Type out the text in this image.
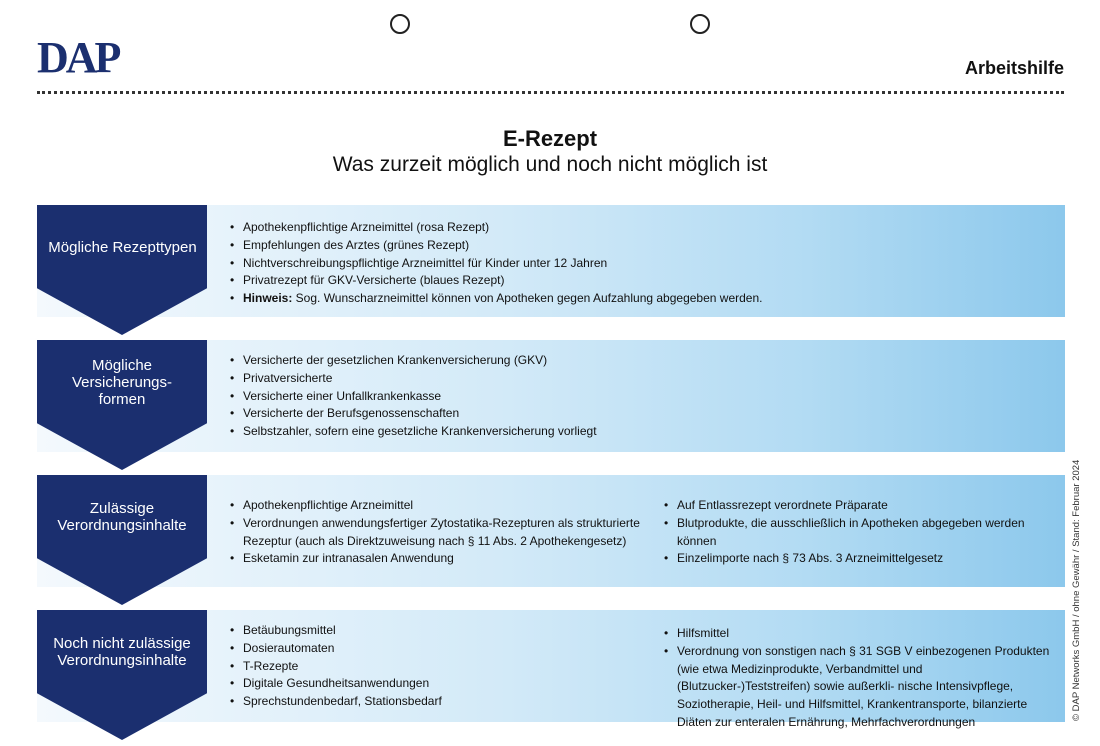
DAP	Arbeitshilfe
E-Rezept
Was zurzeit möglich und noch nicht möglich ist
Mögliche Rezepttypen
• Apothekenpflichtige Arzneimittel (rosa Rezept)
• Empfehlungen des Arztes (grünes Rezept)
• Nichtverschreibungspflichtige Arzneimittel für Kinder unter 12 Jahren
• Privatrezept für GKV-Versicherte (blaues Rezept)
• Hinweis: Sog. Wunscharzneimittel können von Apotheken gegen Aufzahlung abgegeben werden.
Mögliche Versicherungs- formen
• Versicherte der gesetzlichen Krankenversicherung (GKV)
• Privatversicherte
• Versicherte einer Unfallkrankenkasse
• Versicherte der Berufsgenossenschaften
• Selbstzahler, sofern eine gesetzliche Krankenversicherung vorliegt
Zulässige Verordnungsinhalte
• Apothekenpflichtige Arzneimittel
• Verordnungen anwendungsfertiger Zytostatika-Rezepturen als strukturierte Rezeptur (auch als Direktzuweisung nach § 11 Abs. 2 Apothekengesetz)
• Esketamin zur intranasalen Anwendung
• Auf Entlassrezept verordnete Präparate
• Blutprodukte, die ausschließlich in Apotheken abgegeben werden können
• Einzelimporte nach § 73 Abs. 3 Arzneimittelgesetz
Noch nicht zulässige Verordnungsinhalte
• Betäubungsmittel
• Dosierautomaten
• T-Rezepte
• Digitale Gesundheitsanwendungen
• Sprechstundenbedarf, Stationsbedarf
• Hilfsmittel
• Verordnung von sonstigen nach § 31 SGB V einbezogenen Produkten (wie etwa Medizinprodukte, Verbandmittel und (Blutzucker-)Teststreifen) sowie außerkli- nische Intensivpflege, Soziotherapie, Heil- und Hilfsmittel, Krankentransporte, bilanzierte Diäten zur enteralen Ernährung, Mehrfachverordnungen
© DAP Networks GmbH / ohne Gewähr / Stand: Februar 2024
